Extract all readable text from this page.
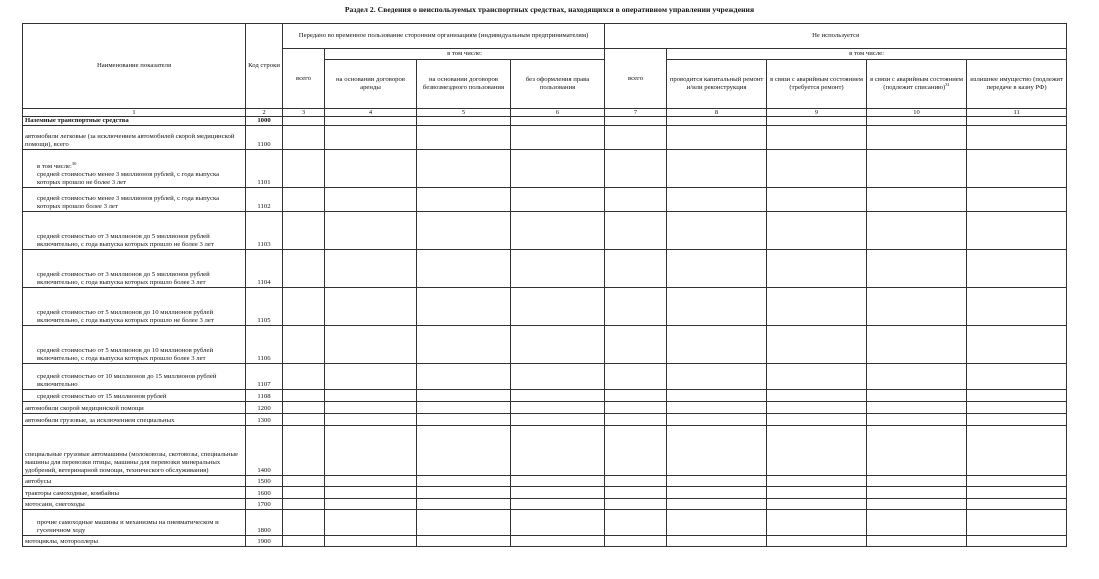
Раздел 2. Сведения о неиспользуемых транспортных средствах, находящихся в оперативном управлении учреждения
Наименование показателя	Код строки	Передано во временное пользование сторонним организациям (индивидуальным предпринимателям)				Не используется				
		всего	в том числе:			всего	в том числе:			
			на основании договоров аренды	на основании договоров безвозмездного пользования	без оформления права пользования		проводится капитальный ремонт и/или реконструкция	в связи с аварийным состоянием (требуется ремонт)	в связи с аварийным состоянием (подлежит списанию)$^{31}$	излишнее имущество (подлежит передаче в казну РФ)
1	2	3	4	5	6	7	8	9	10	11
Наземные транспортные средства	1000									
автомобили легковые (за исключением автомобилей скорой медицинской помощи), всего	1100									

в том числе:$^{30}$
средней стоимостью менее 3 миллионов рублей, с года выпуска которых прошло не более 3 лет	1101									
средней стоимостью менее 3 миллионов рублей, с года выпуска которых прошло более 3 лет	1102									
средней стоимостью от 3 миллионов до 5 миллионов рублей включительно, с года выпуска которых прошло не более 3 лет	1103									
средней стоимостью от 3 миллионов до 5 миллионов рублей включительно, с года выпуска которых прошло более 3 лет	1104									
средней стоимостью от 5 миллионов до 10 миллионов рублей включительно, с года выпуска которых прошло не более 3 лет	1105									
средней стоимостью от 5 миллионов до 10 миллионов рублей включительно, с года выпуска которых прошло более 3 лет	1106									
средней стоимостью от 10 миллионов до 15 миллионов рублей включительно	1107									
средней стоимостью от 15 миллионов рублей	1108									
автомобили скорой медицинской помощи	1200									
автомобили грузовые, за исключением специальных	1300									
специальные грузовые автомашины (молоковозы, скотовозы, специальные машины для перевозки птицы, машины для перевозки минеральных удобрений, ветеринарной помощи, технического обслуживания)	1400									
автобусы	1500									
тракторы самоходные, комбайны	1600									
мотосани, снегоходы	1700									
прочие самоходные машины и механизмы на пневматическом и гусеничном ходу	1800									
мотоциклы, мотороллеры	1900									
